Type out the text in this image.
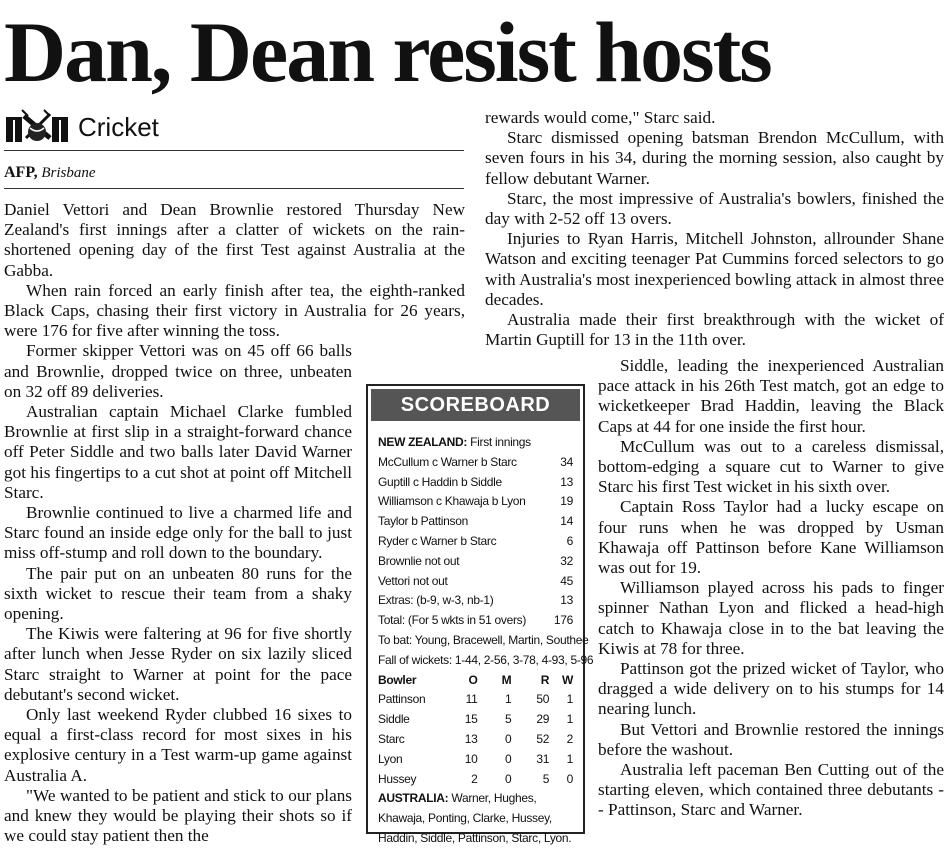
Dan, Dean resist hosts
Cricket
AFP, Brisbane

Daniel Vettori and Dean Brownlie restored Thursday New Zealand's first innings after a clatter of wickets on the rain-shortened opening day of the first Test against Australia at the Gabba.

When rain forced an early finish after tea, the eighth-ranked Black Caps, chasing their first victory in Australia for 26 years, were 176 for five after winning the toss.

Former skipper Vettori was on 45 off 66 balls and Brownlie, dropped twice on three, unbeaten on 32 off 89 deliveries.

Australian captain Michael Clarke fumbled Brownlie at first slip in a straight-forward chance off Peter Siddle and two balls later David Warner got his fingertips to a cut shot at point off Mitchell Starc.

Brownlie continued to live a charmed life and Starc found an inside edge only for the ball to just miss off-stump and roll down to the boundary.

The pair put on an unbeaten 80 runs for the sixth wicket to rescue their team from a shaky opening.

The Kiwis were faltering at 96 for five shortly after lunch when Jesse Ryder on six lazily sliced Starc straight to Warner at point for the pace debutant's second wicket.

Only last weekend Ryder clubbed 16 sixes to equal a first-class record for most sixes in his explosive century in a Test warm-up game against Australia A.

"We wanted to be patient and stick to our plans and knew they would be playing their shots so if we could stay patient then the

rewards would come," Starc said.

Starc dismissed opening batsman Brendon McCullum, with seven fours in his 34, during the morning session, also caught by fellow debutant Warner.

Starc, the most impressive of Australia's bowlers, finished the day with 2-52 off 13 overs.

Injuries to Ryan Harris, Mitchell Johnston, allrounder Shane Watson and exciting teenager Pat Cummins forced selectors to go with Australia's most inexperienced bowling attack in almost three decades.

Australia made their first breakthrough with the wicket of Martin Guptill for 13 in the 11th over.

Siddle, leading the inexperienced Australian pace attack in his 26th Test match, got an edge to wicketkeeper Brad Haddin, leaving the Black Caps at 44 for one inside the first hour.

McCullum was out to a careless dismissal, bottom-edging a square cut to Warner to give Starc his first Test wicket in his sixth over.

Captain Ross Taylor had a lucky escape on four runs when he was dropped by Usman Khawaja off Pattinson before Kane Williamson was out for 19.

Williamson played across his pads to finger spinner Nathan Lyon and flicked a head-high catch to Khawaja close in to the bat leaving the Kiwis at 78 for three.

Pattinson got the prized wicket of Taylor, who dragged a wide delivery on to his stumps for 14 nearing lunch.

But Vettori and Brownlie restored the innings before the washout.

Australia left paceman Ben Cutting out of the starting eleven, which contained three debutants -- Pattinson, Starc and Warner.

SCOREBOARD
NEW ZEALAND: First innings
McCullum c Warner b Starc	34
Guptill c Haddin b Siddle	13
Williamson c Khawaja b Lyon	19
Taylor b Pattinson	14
Ryder c Warner b Starc	6
Brownlie not out	32
Vettori not out	45
Extras: (b-9, w-3, nb-1)	13
Total: (For 5 wkts in 51 overs) 176
To bat: Young, Bracewell, Martin, Southee
Fall of wickets: 1-44, 2-56, 3-78, 4-93, 5-96
Bowler	O	M	R	W
Pattinson	11	1	50	1
Siddle	15	5	29	1
Starc	13	0	52	2
Lyon	10	0	31	1
Hussey	2	0	5	0
AUSTRALIA: Warner, Hughes, Khawaja, Ponting, Clarke, Hussey, Haddin, Siddle, Pattinson, Starc, Lyon.
